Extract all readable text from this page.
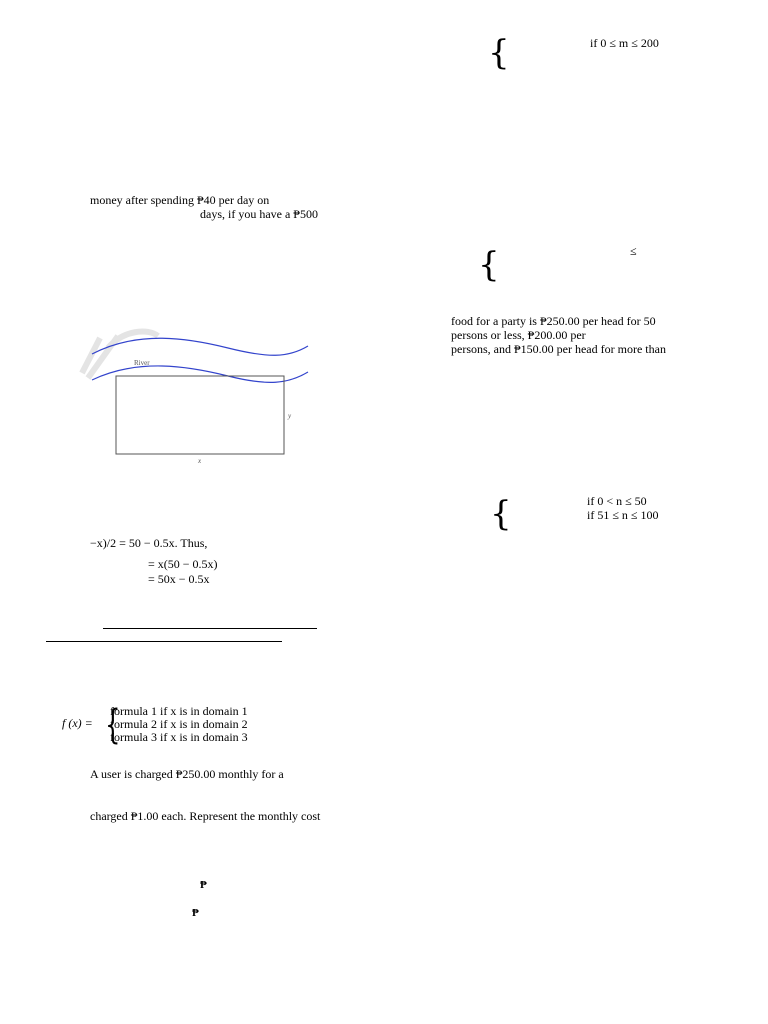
{	if 0 ≤ m ≤ 200
money after spending ₱40 per day on
days, if you have a ₱500
{	≤
food for a party is ₱250.00 per head for 50
persons or less, ₱200.00 per
persons, and ₱150.00 per head for more than
River
x
y
{	if 0 < n ≤ 50
if 51 ≤ n ≤ 100
−x)/2 = 50 − 0.5x. Thus,
= x(50 − 0.5x)
= 50x − 0.5x
f (x) = {
formula 1 if x is in domain 1
formula 2 if x is in domain 2
formula 3 if x is in domain 3
A user is charged ₱250.00 monthly for a
charged ₱1.00 each. Represent the monthly cost
₱
₱
